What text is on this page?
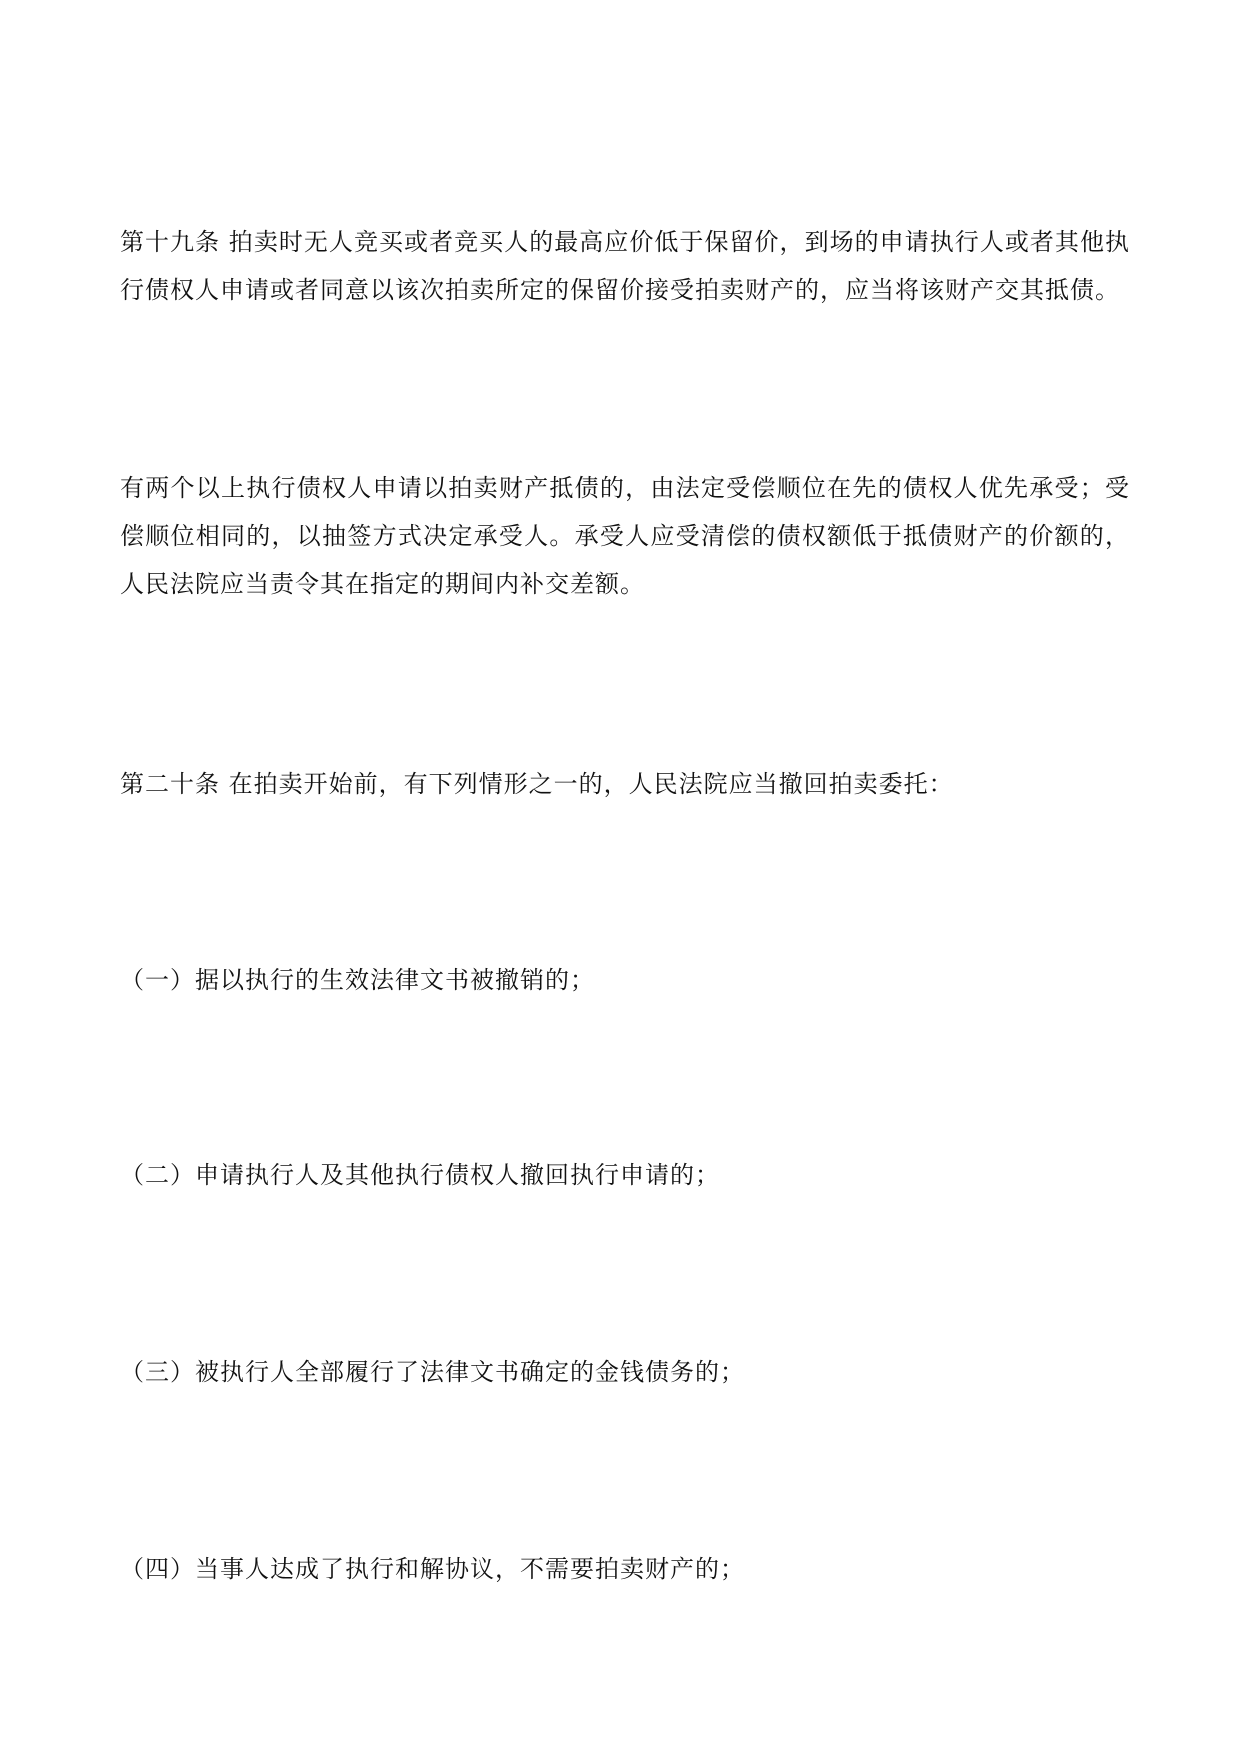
第十九条 拍卖时无人竞买或者竞买人的最高应价低于保留价，到场的申请执行人或者其他执行债权人申请或者同意以该次拍卖所定的保留价接受拍卖财产的，应当将该财产交其抵债。

有两个以上执行债权人申请以拍卖财产抵债的，由法定受偿顺位在先的债权人优先承受；受偿顺位相同的，以抽签方式决定承受人。承受人应受清偿的债权额低于抵债财产的价额的，人民法院应当责令其在指定的期间内补交差额。

第二十条 在拍卖开始前，有下列情形之一的，人民法院应当撤回拍卖委托：

（一）据以执行的生效法律文书被撤销的；

（二）申请执行人及其他执行债权人撤回执行申请的；

（三）被执行人全部履行了法律文书确定的金钱债务的；

（四）当事人达成了执行和解协议，不需要拍卖财产的；
